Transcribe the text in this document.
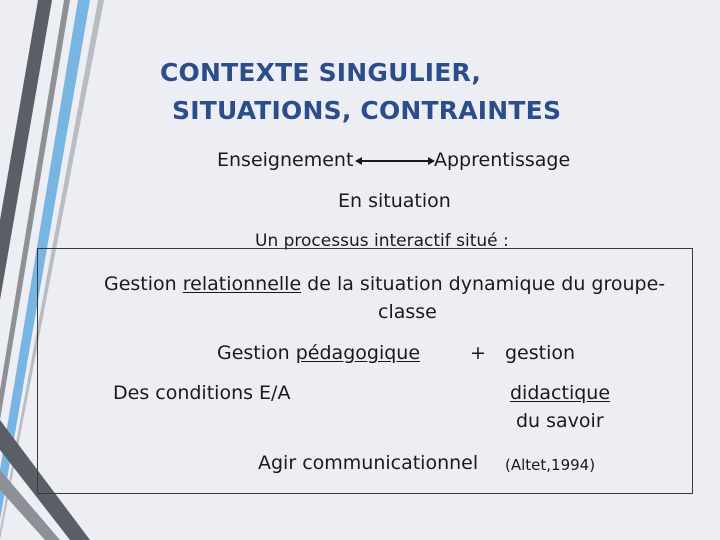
CONTEXTE SINGULIER,
SITUATIONS, CONTRAINTES
Enseignement	Apprentissage
En situation
Un processus interactif situé :
Gestion relationnelle de la situation dynamique du groupe-
classe
Gestion pédagogique	+ gestion
Des conditions E/A	didactique
du savoir
Agir communicationnel (Altet,1994)
